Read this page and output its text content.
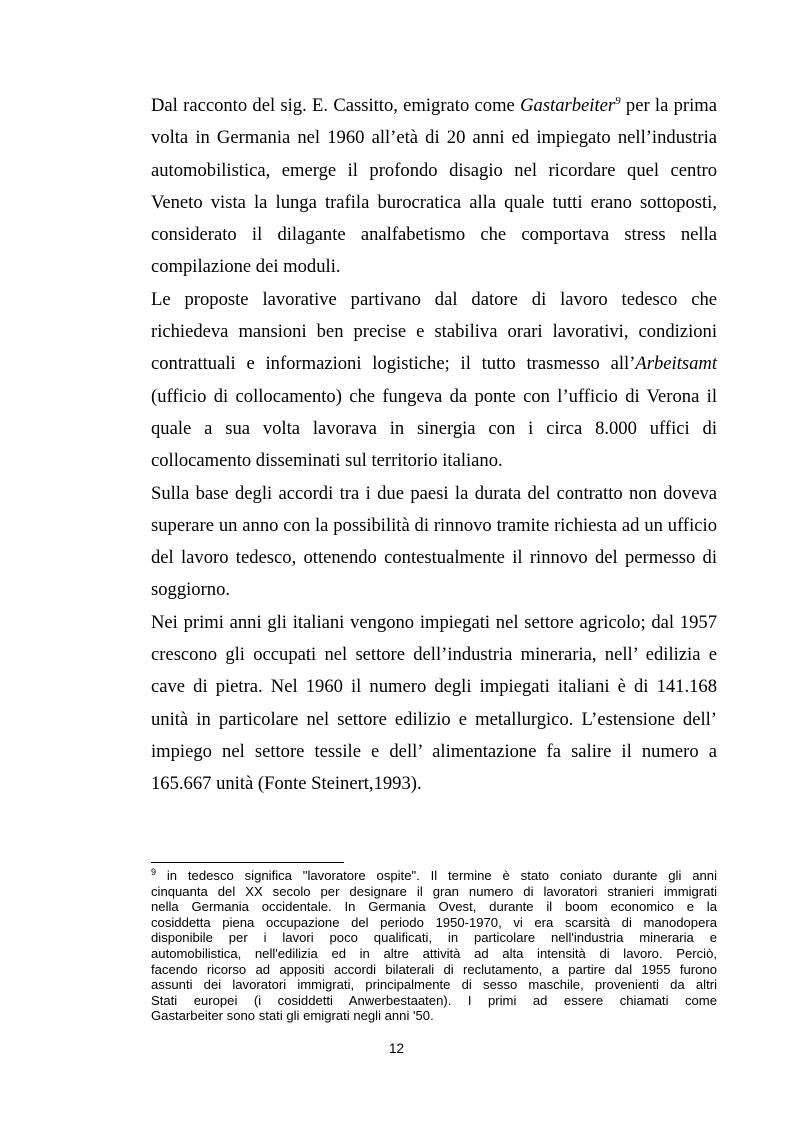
Dal racconto del sig. E. Cassitto, emigrato come Gastarbeiter$^9$ per la prima
volta in Germania nel 1960 all’età di 20 anni ed impiegato nell’industria
automobilistica, emerge il profondo disagio nel ricordare quel centro
Veneto vista la lunga trafila burocratica alla quale tutti erano sottoposti,
considerato il dilagante analfabetismo che comportava stress nella
compilazione dei moduli.
Le proposte lavorative partivano dal datore di lavoro tedesco che
richiedeva mansioni ben precise e stabiliva orari lavorativi, condizioni
contrattuali e informazioni logistiche; il tutto trasmesso all’Arbeitsamt
(ufficio di collocamento) che fungeva da ponte con l’ufficio di Verona il
quale a sua volta lavorava in sinergia con i circa 8.000 uffici di
collocamento disseminati sul territorio italiano.
Sulla base degli accordi tra i due paesi la durata del contratto non doveva
superare un anno con la possibilità di rinnovo tramite richiesta ad un ufficio
del lavoro tedesco, ottenendo contestualmente il rinnovo del permesso di
soggiorno.
Nei primi anni gli italiani vengono impiegati nel settore agricolo; dal 1957
crescono gli occupati nel settore dell’industria mineraria, nell’ edilizia e
cave di pietra. Nel 1960 il numero degli impiegati italiani è di 141.168
unità in particolare nel settore edilizio e metallurgico. L’estensione dell’
impiego nel settore tessile e dell’ alimentazione fa salire il numero a
165.667 unità (Fonte Steinert,1993).
$^9$ in tedesco significa "lavoratore ospite". Il termine è stato coniato durante gli anni
cinquanta del XX secolo per designare il gran numero di lavoratori stranieri immigrati
nella Germania occidentale. In Germania Ovest, durante il boom economico e la
cosiddetta piena occupazione del periodo 1950-1970, vi era scarsità di manodopera
disponibile per i lavori poco qualificati, in particolare nell'industria mineraria e
automobilistica, nell'edilizia ed in altre attività ad alta intensità di lavoro. Perciò,
facendo ricorso ad appositi accordi bilaterali di reclutamento, a partire dal 1955 furono
assunti dei lavoratori immigrati, principalmente di sesso maschile, provenienti da altri
Stati europei (i cosiddetti Anwerbestaaten). I primi ad essere chiamati come
Gastarbeiter sono stati gli emigrati negli anni '50.
12
